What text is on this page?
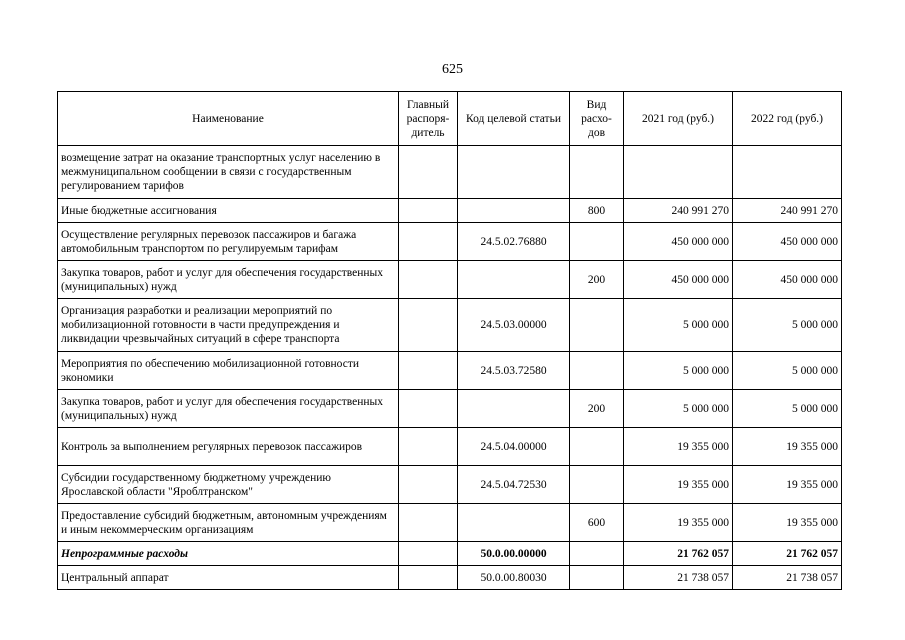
625
Наименование	Главный распоря-дитель	Код целевой статьи	Вид расхо-дов	2021 год (руб.)	2022 год (руб.)
возмещение затрат на оказание транспортных услуг населению в межмуниципальном сообщении в связи с государственным регулированием тарифов					
Иные бюджетные ассигнования			800	240 991 270	240 991 270
Осуществление регулярных перевозок пассажиров и багажа автомобильным транспортом по регулируемым тарифам		24.5.02.76880		450 000 000	450 000 000
Закупка товаров, работ и услуг для обеспечения государственных (муниципальных) нужд			200	450 000 000	450 000 000
Организация разработки и реализации мероприятий по мобилизационной готовности в части предупреждения и ликвидации чрезвычайных ситуаций в сфере транспорта		24.5.03.00000		5 000 000	5 000 000
Мероприятия по обеспечению мобилизационной готовности экономики		24.5.03.72580		5 000 000	5 000 000
Закупка товаров, работ и услуг для обеспечения государственных (муниципальных) нужд			200	5 000 000	5 000 000
Контроль за выполнением регулярных перевозок пассажиров		24.5.04.00000		19 355 000	19 355 000
Субсидии государственному бюджетному учреждению Ярославской области "Яроблтранском"		24.5.04.72530		19 355 000	19 355 000
Предоставление субсидий бюджетным, автономным учреждениям и иным некоммерческим организациям			600	19 355 000	19 355 000
Непрограммные расходы		50.0.00.00000		21 762 057	21 762 057
Центральный аппарат		50.0.00.80030		21 738 057	21 738 057
